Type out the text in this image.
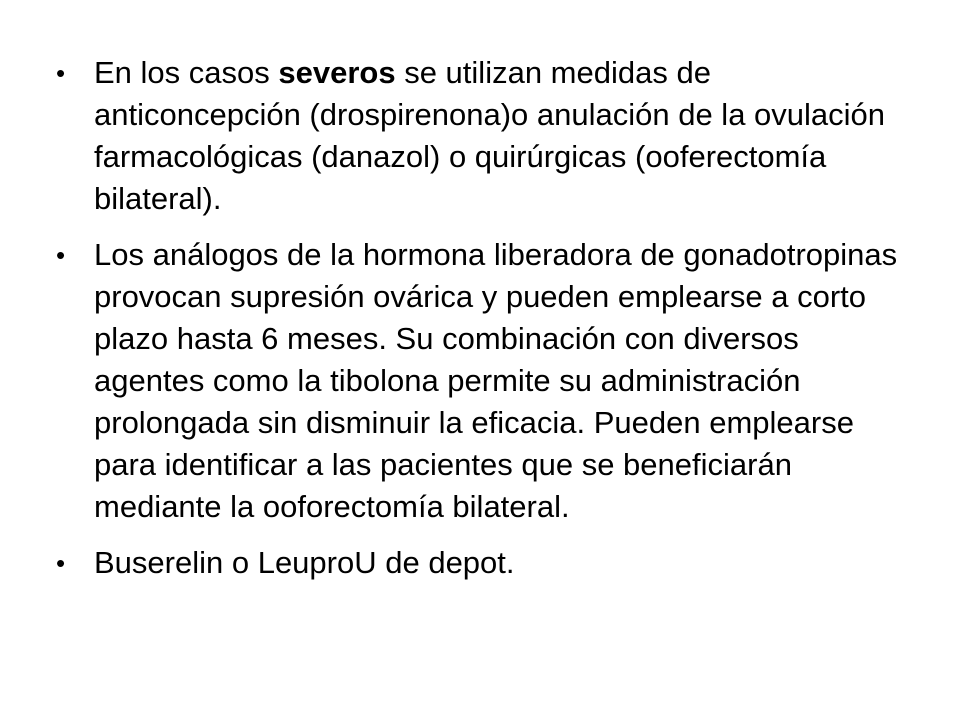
• En los casos severos se utilizan medidas de anticoncepción (drospirenona)o anulación de la ovulación farmacológicas (danazol) o quirúrgicas (ooferectomía bilateral).
• Los análogos de la hormona liberadora de gonadotropinas provocan supresión ovárica y pueden emplearse a corto plazo hasta 6 meses. Su combinación con diversos agentes como la tibolona permite su administración prolongada sin disminuir la eficacia. Pueden emplearse para identificar a las pacientes que se beneficiarán mediante la ooforectomía bilateral.
• Buserelin o LeuproU de depot.
